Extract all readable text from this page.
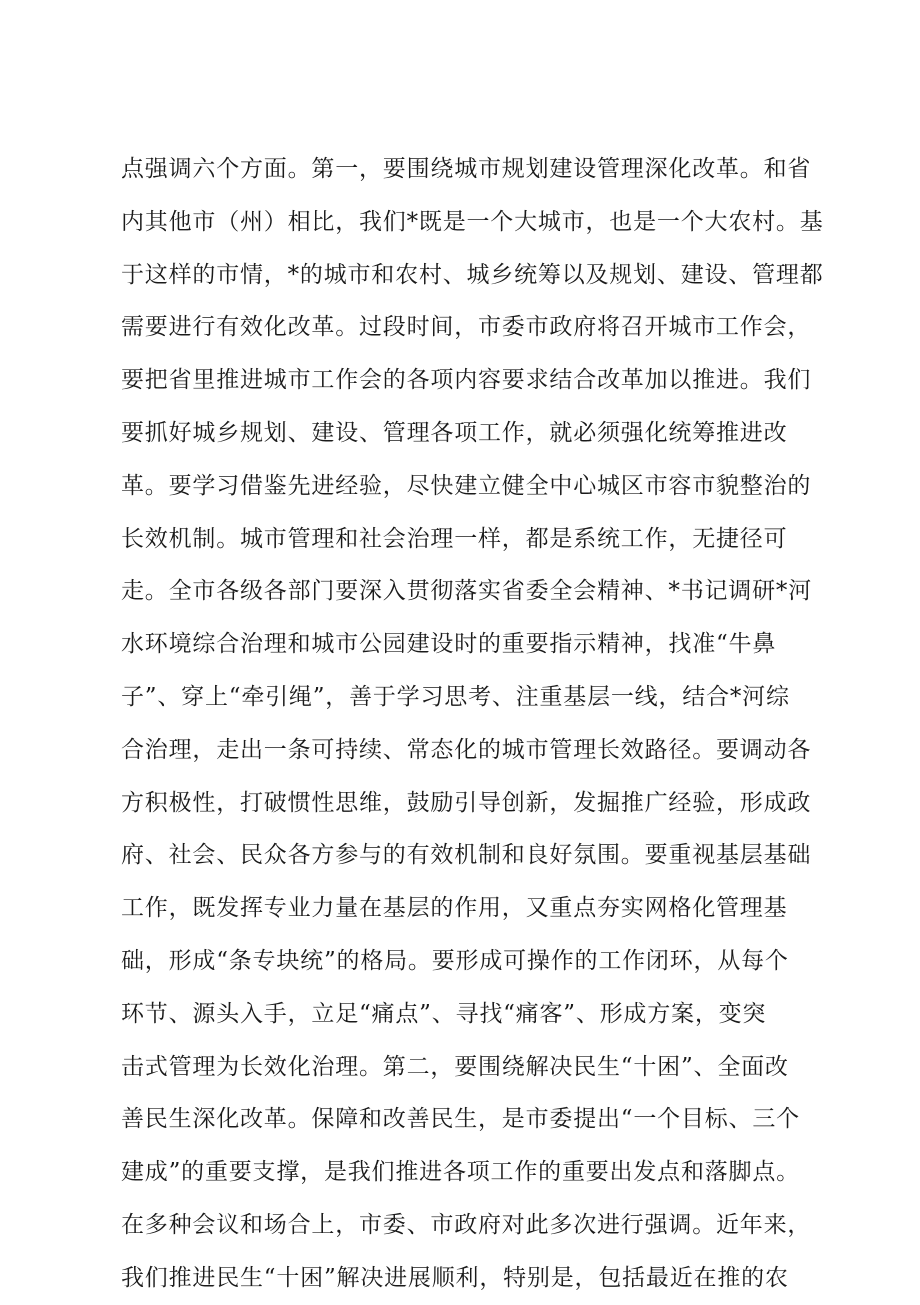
点强调六个方面。第一，要围绕城市规划建设管理深化改革。和省
内其他市（州）相比，我们*既是一个大城市，也是一个大农村。基
于这样的市情，*的城市和农村、城乡统筹以及规划、建设、管理都
需要进行有效化改革。过段时间，市委市政府将召开城市工作会，
要把省里推进城市工作会的各项内容要求结合改革加以推进。我们
要抓好城乡规划、建设、管理各项工作，就必须强化统筹推进改
革。要学习借鉴先进经验，尽快建立健全中心城区市容市貌整治的
长效机制。城市管理和社会治理一样，都是系统工作，无捷径可
走。全市各级各部门要深入贯彻落实省委全会精神、*书记调研*河
水环境综合治理和城市公园建设时的重要指示精神，找准“牛鼻
子”、穿上“牵引绳”，善于学习思考、注重基层一线，结合*河综
合治理，走出一条可持续、常态化的城市管理长效路径。要调动各
方积极性，打破惯性思维，鼓励引导创新，发掘推广经验，形成政
府、社会、民众各方参与的有效机制和良好氛围。要重视基层基础
工作，既发挥专业力量在基层的作用，又重点夯实网格化管理基
础，形成“条专块统”的格局。要形成可操作的工作闭环，从每个
环节、源头入手，立足“痛点”、寻找“痛客”、形成方案，变突
击式管理为长效化治理。第二，要围绕解决民生“十困”、全面改
善民生深化改革。保障和改善民生，是市委提出“一个目标、三个
建成”的重要支撑，是我们推进各项工作的重要出发点和落脚点。
在多种会议和场合上，市委、市政府对此多次进行强调。近年来，
我们推进民生“十困”解决进展顺利，特别是，包括最近在推的农
